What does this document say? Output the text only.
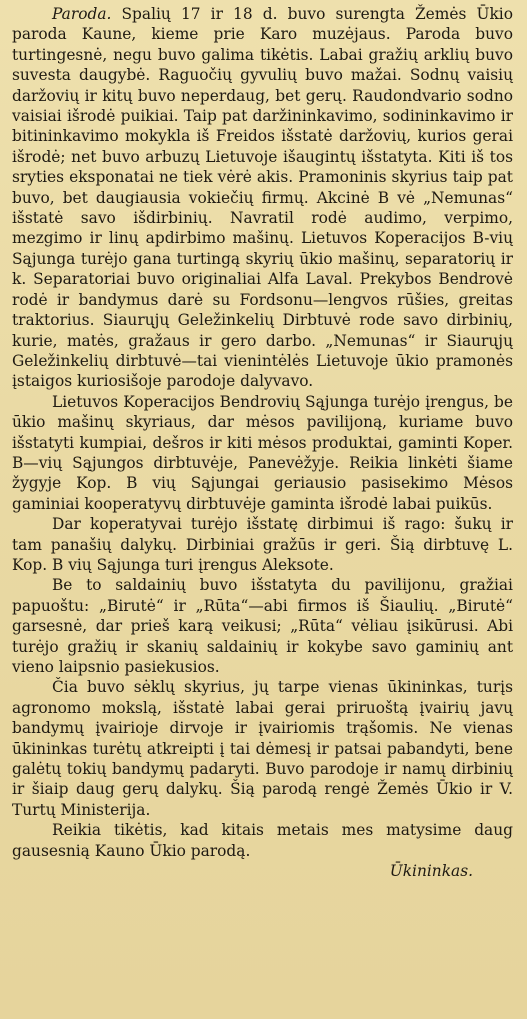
Paroda. Spalių 17 ir 18 d. buvo surengta Žemės Ūkio paroda Kaune, kieme prie Karo muzėjaus. Paroda buvo turtingesnė, negu buvo galima tikėtis. Labai gražių arklių buvo suvesta daugybė. Raguočių gyvulių buvo mažai. Sodnų vaisių daržovių ir kitų buvo neperdaug, bet gerų. Raudondvario sodno vaisiai išrodė puikiai. Taip pat daržininkavimo, sodininkavimo ir bitininkavimo mokykla iš Freidos išstatė daržovių, kurios gerai išrodė; net buvo arbuzų Lietuvoje išaugintų išstatyta. Kiti iš tos sryties eksponatai ne tiek vėrė akis. Pramoninis skyrius taip pat buvo, bet daugiausia vokiečių firmų. Akcinė B vė „Nemunas“ išstatė savo išdirbinių. Navratil rodė audimo, verpimo, mezgimo ir linų apdirbimo mašinų. Lietuvos Koperacijos B-vių Sąjunga turėjo gana turtingą skyrių ūkio mašinų, separatorių ir k. Separatoriai buvo originaliai Alfa Laval. Prekybos Bendrovė rodė ir bandymus darė su Fordsonu—lengvos rūšies, greitas traktorius. Siaurųjų Geležinkelių Dirbtuvė rode savo dirbinių, kurie, matės, gražaus ir gero darbo. „Nemunas“ ir Siaurųjų Geležinkelių dirbtuvė—tai vienintėlės Lietuvoje ūkio pramonės įstaigos kuriosišoje parodoje dalyvavo.

Lietuvos Koperacijos Bendrovių Sąjunga turėjo įrengus, be ūkio mašinų skyriaus, dar mėsos pavilijoną, kuriame buvo išstatyti kumpiai, dešros ir kiti mėsos produktai, gaminti Koper. B—vių Sąjungos dirbtuvėje, Panevėžyje. Reikia linkėti šiame žygyje Kop. B vių Sąjungai geriausio pasisekimo Mėsos gaminiai kooperatyvų dirbtuvėje gaminta išrodė labai puikūs.

Dar koperatyvai turėjo išstatę dirbimui iš rago: šukų ir tam panašių dalykų. Dirbiniai gražūs ir geri. Šią dirbtuvę L. Kop. B vių Sąjunga turi įrengus Aleksote.

Be to saldainių buvo išstatyta du pavilijonu, gražiai papuoštu: „Birutė“ ir „Rūta“—abi firmos iš Šiaulių. „Birutė“ garsesnė, dar prieš karą veikusi; „Rūta“ vėliau įsikūrusi. Abi turėjo gražių ir skanių saldainių ir kokybe savo gaminių ant vieno laipsnio pasiekusios.

Čia buvo sėklų skyrius, jų tarpe vienas ūkininkas, turįs agronomo mokslą, išstatė labai gerai priruoštą įvairių javų bandymų įvairioje dirvoje ir įvairiomis trąšomis. Ne vienas ūkininkas turėtų atkreipti į tai dėmesį ir patsai pabandyti, bene galėtų tokių bandymų padaryti. Buvo parodoje ir namų dirbinių ir šiaip daug gerų dalykų. Šią parodą rengė Žemės Ūkio ir V. Turtų Ministerija.

Reikia tikėtis, kad kitais metais mes matysime daug gausesnią Kauno Ūkio parodą.

Ūkininkas.
